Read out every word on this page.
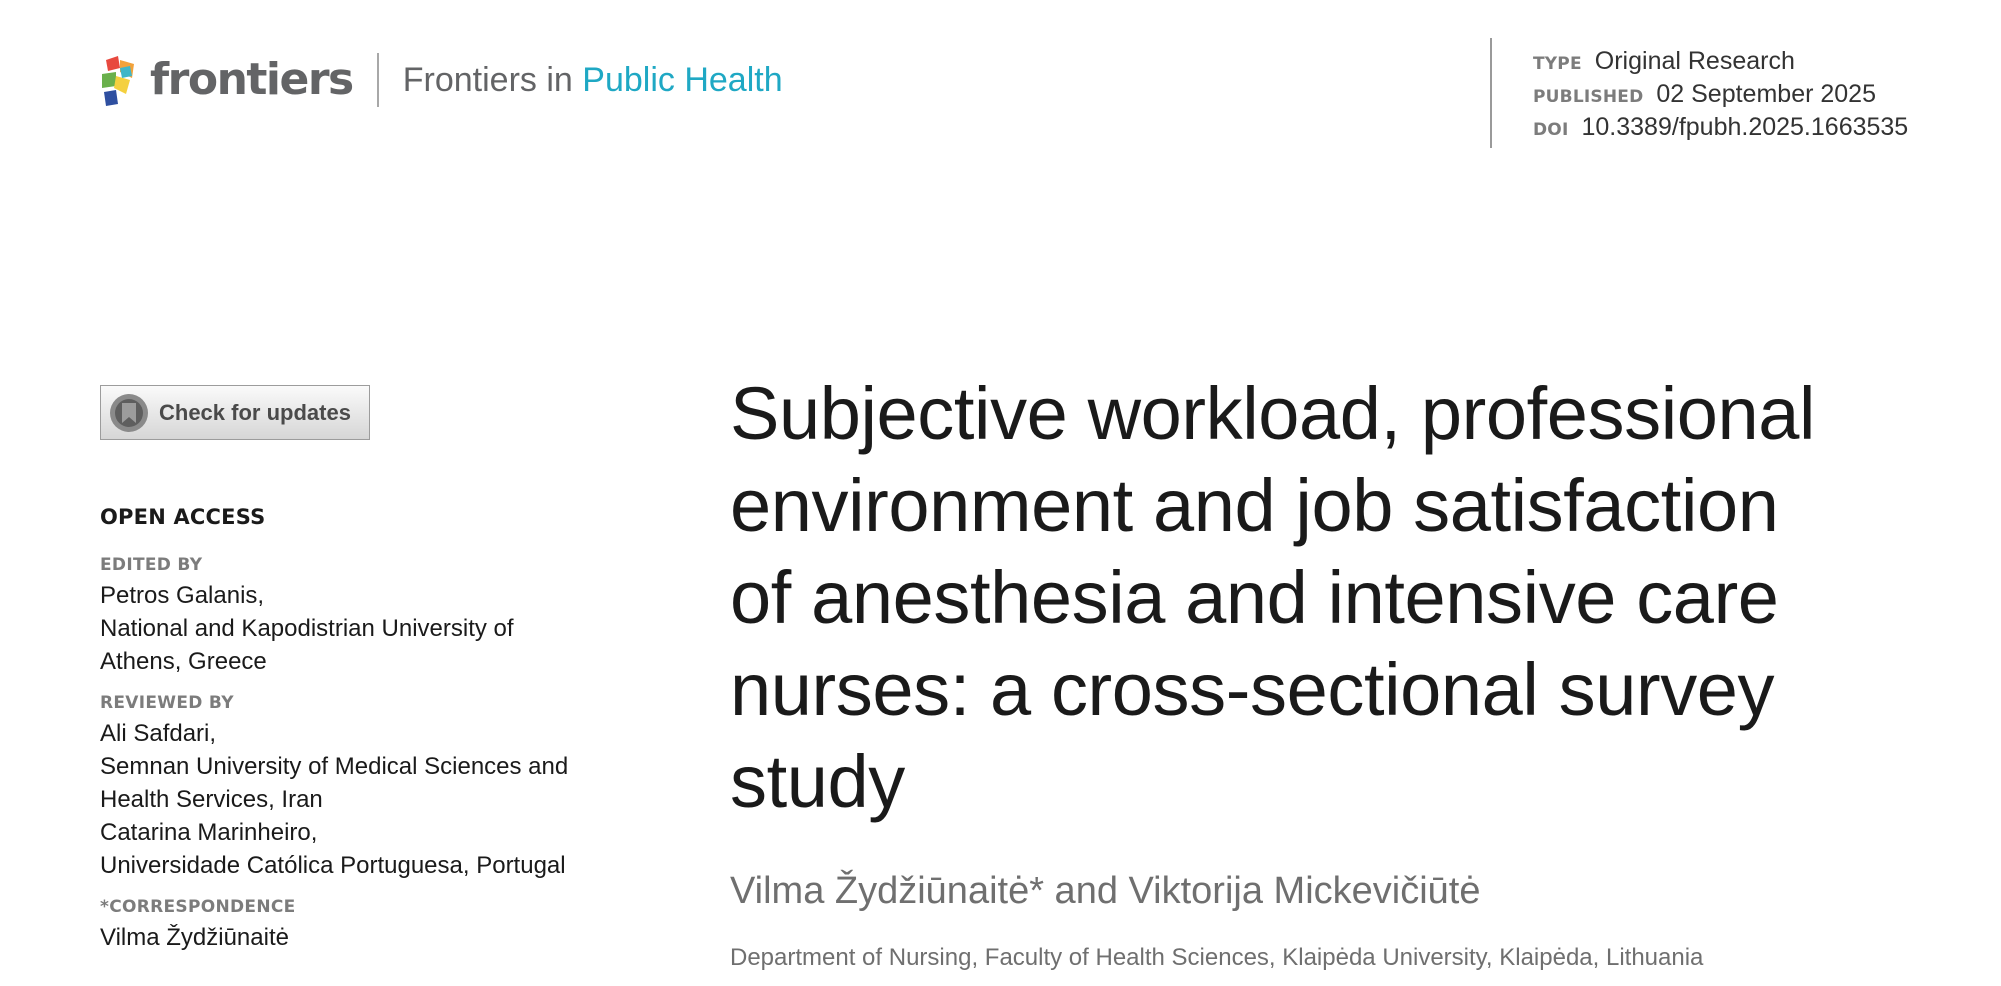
frontiers Frontiers in Public Health	TYPE Original Research
PUBLISHED 02 September 2025
DOI 10.3389/fpubh.2025.1663535
Check for updates
OPEN ACCESS
EDITED BY
Petros Galanis,
National and Kapodistrian University of
Athens, Greece
REVIEWED BY
Ali Safdari,
Semnan University of Medical Sciences and
Health Services, Iran
Catarina Marinheiro,
Universidade Católica Portuguesa, Portugal
*CORRESPONDENCE
Vilma Žydžiūnaitė
Subjective workload, professional
environment and job satisfaction
of anesthesia and intensive care
nurses: a cross-sectional survey
study
Vilma Žydžiūnaitė* and Viktorija Mickevičiūtė
Department of Nursing, Faculty of Health Sciences, Klaipėda University, Klaipėda, Lithuania
